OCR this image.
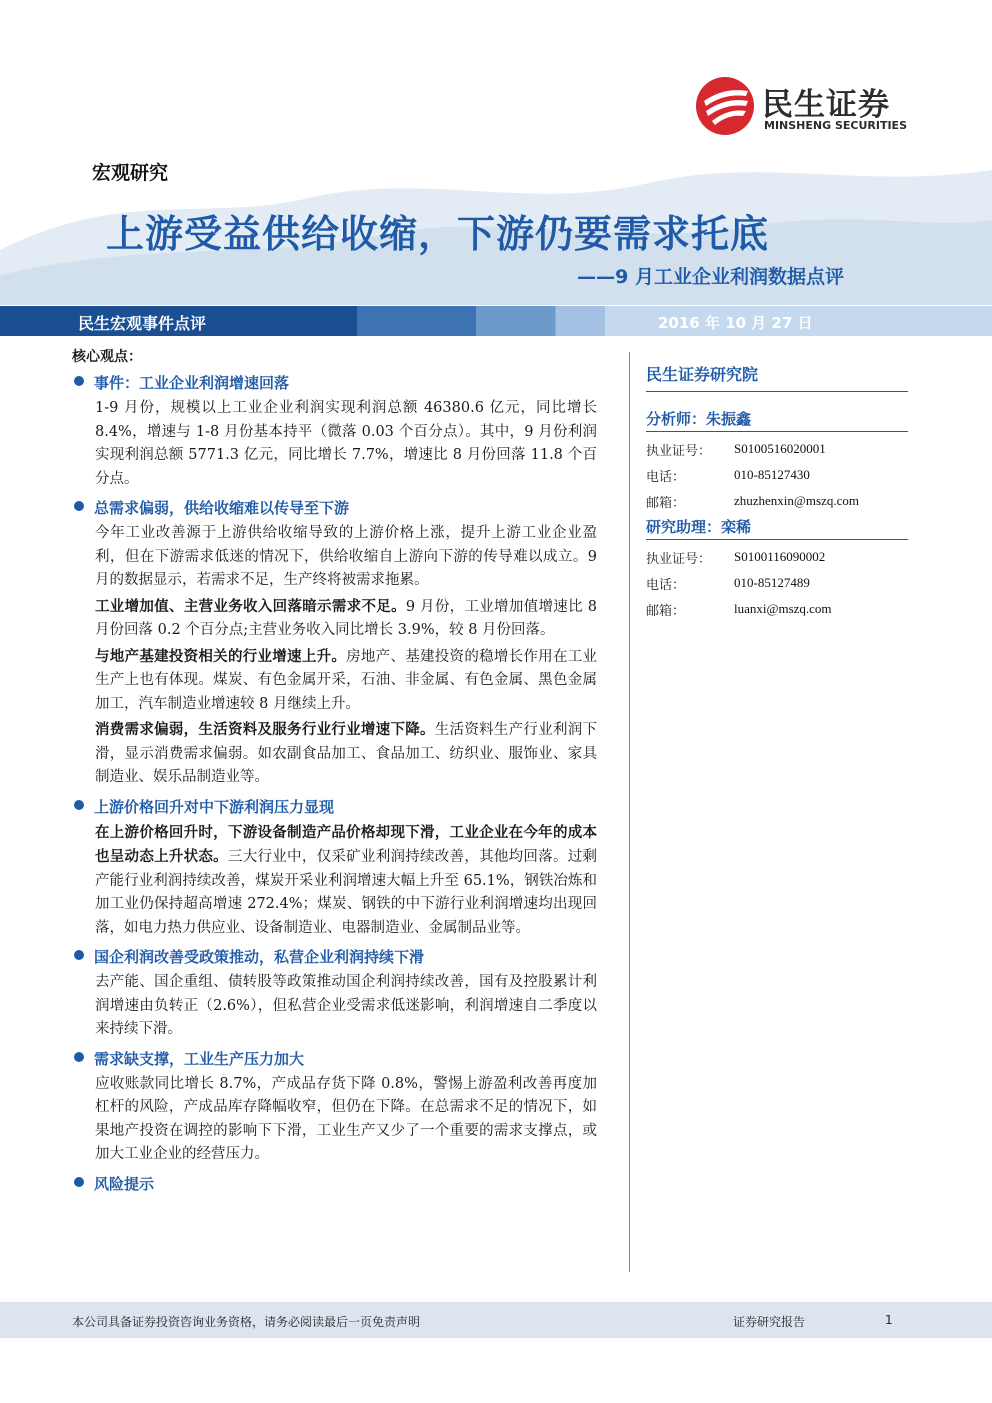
民生证券
MINSHENG SECURITIES
宏观研究
上游受益供给收缩，下游仍要需求托底
——9 月工业企业利润数据点评
民生宏观事件点评	2016 年 10 月 27 日
核心观点：
事件：工业企业利润增速回落
1-9 月份，规模以上工业企业利润实现利润总额 46380.6 亿元，同比增长 8.4%，增速与 1-8 月份基本持平（微落 0.03 个百分点）。其中，9 月份利润实现利润总额 5771.3 亿元，同比增长 7.7%，增速比 8 月份回落 11.8 个百分点。
总需求偏弱，供给收缩难以传导至下游
今年工业改善源于上游供给收缩导致的上游价格上涨，提升上游工业企业盈利，但在下游需求低迷的情况下，供给收缩自上游向下游的传导难以成立。9 月的数据显示，若需求不足，生产终将被需求拖累。
工业增加值、主营业务收入回落暗示需求不足。9 月份，工业增加值增速比 8 月份回落 0.2 个百分点;主营业务收入同比增长 3.9%，较 8 月份回落。
与地产基建投资相关的行业增速上升。房地产、基建投资的稳增长作用在工业生产上也有体现。煤炭、有色金属开采，石油、非金属、有色金属、黑色金属加工，汽车制造业增速较 8 月继续上升。
消费需求偏弱，生活资料及服务行业行业增速下降。生活资料生产行业利润下滑，显示消费需求偏弱。如农副食品加工、食品加工、纺织业、服饰业、家具制造业、娱乐品制造业等。
上游价格回升对中下游利润压力显现
在上游价格回升时，下游设备制造产品价格却现下滑，工业企业在今年的成本也呈动态上升状态。三大行业中，仅采矿业利润持续改善，其他均回落。过剩产能行业利润持续改善，煤炭开采业利润增速大幅上升至 65.1%，钢铁冶炼和加工业仍保持超高增速 272.4%；煤炭、钢铁的中下游行业利润增速均出现回落，如电力热力供应业、设备制造业、电器制造业、金属制品业等。
国企利润改善受政策推动，私营企业利润持续下滑
去产能、国企重组、债转股等政策推动国企利润持续改善，国有及控股累计利润增速由负转正（2.6%），但私营企业受需求低迷影响，利润增速自二季度以来持续下滑。
需求缺支撑，工业生产压力加大
应收账款同比增长 8.7%，产成品存货下降 0.8%，警惕上游盈利改善再度加杠杆的风险，产成品库存降幅收窄，但仍在下降。在总需求不足的情况下，如果地产投资在调控的影响下下滑，工业生产又少了一个重要的需求支撑点，或加大工业企业的经营压力。
风险提示
民生证券研究院
分析师：朱振鑫
执业证号：	S0100516020001
电话：	010-85127430
邮箱：	zhuzhenxin@mszq.com
研究助理：栾稀
执业证号：	S0100116090002
电话：	010-85127489
邮箱：	luanxi@mszq.com
本公司具备证券投资咨询业务资格，请务必阅读最后一页免责声明	证券研究报告	1
